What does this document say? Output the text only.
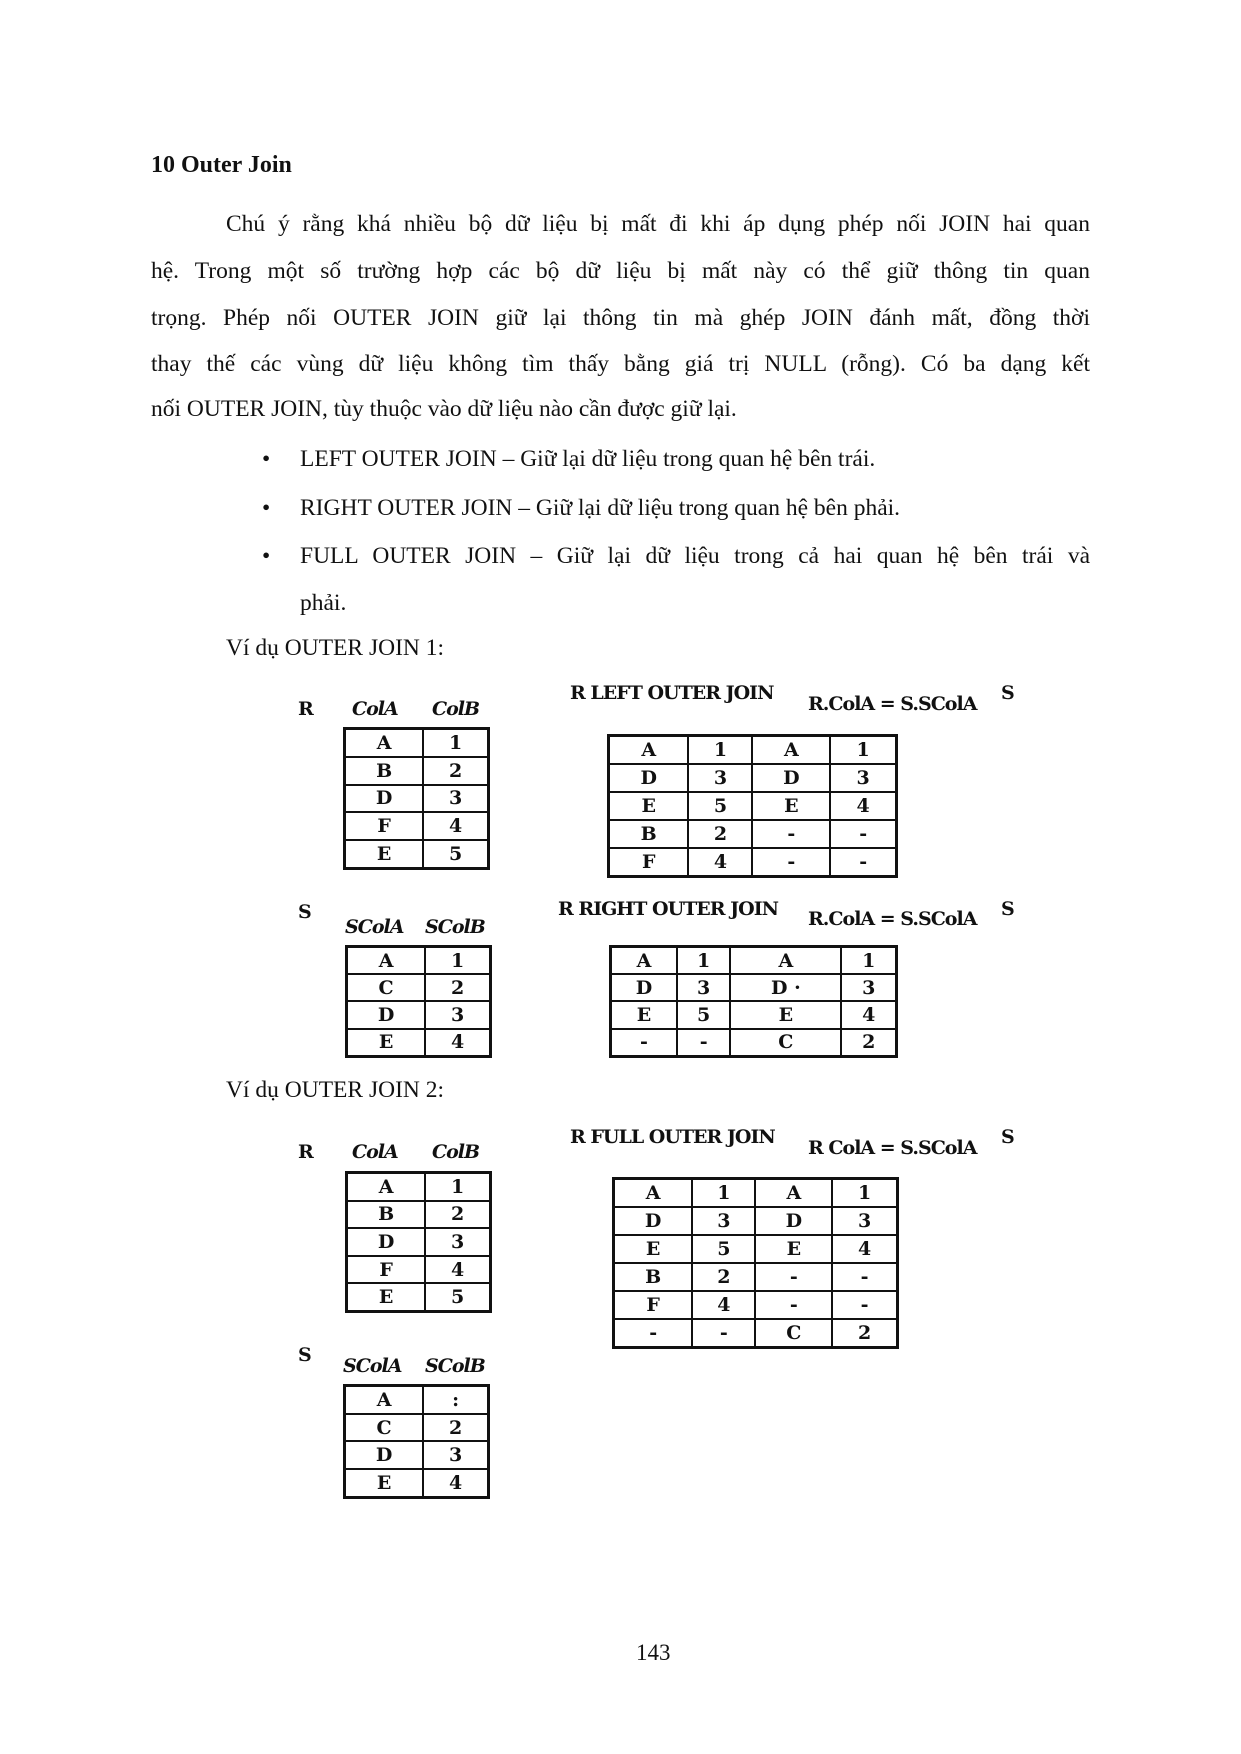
10 Outer Join
Chú ý rằng khá nhiều bộ dữ liệu bị mất đi khi áp dụng phép nối JOIN hai quan
hệ. Trong một số trường hợp các bộ dữ liệu bị mất này có thể giữ thông tin quan
trọng. Phép nối OUTER JOIN giữ lại thông tin mà ghép JOIN đánh mất, đồng thời
thay thế các vùng dữ liệu không tìm thấy bằng giá trị NULL (rỗng). Có ba dạng kết
nối OUTER JOIN, tùy thuộc vào dữ liệu nào cần được giữ lại.
• LEFT OUTER JOIN – Giữ lại dữ liệu trong quan hệ bên trái.
• RIGHT OUTER JOIN – Giữ lại dữ liệu trong quan hệ bên phải.
• FULL OUTER JOIN – Giữ lại dữ liệu trong cả hai quan hệ bên trái và
phải.
Ví dụ OUTER JOIN 1:
Ví dụ OUTER JOIN 2:
R ColA ColB
A	1
B	2
D	3
F	4
E	5
S
SColA SColB
A	1
C	2
D	3
E	4
R LEFT OUTER JOIN R.ColA = S.SColA S
A	1	A	1
D	3	D	3
E	5	E	4
B	2	-	-
F	4	-	-
R RIGHT OUTER JOIN R.ColA = S.SColA S
A	1	A	1
D	3	D ·	3
E	5	E	4
-	-	C	2
R ColA ColB
A	1
B	2
D	3
F	4
E	5
S SColA SColB
A	:
C	2
D	3
E	4
R FULL OUTER JOIN R ColA = S.SColA S
A	1	A	1
D	3	D	3
E	5	E	4
B	2	-	-
F	4	-	-
-	-	C	2
143
